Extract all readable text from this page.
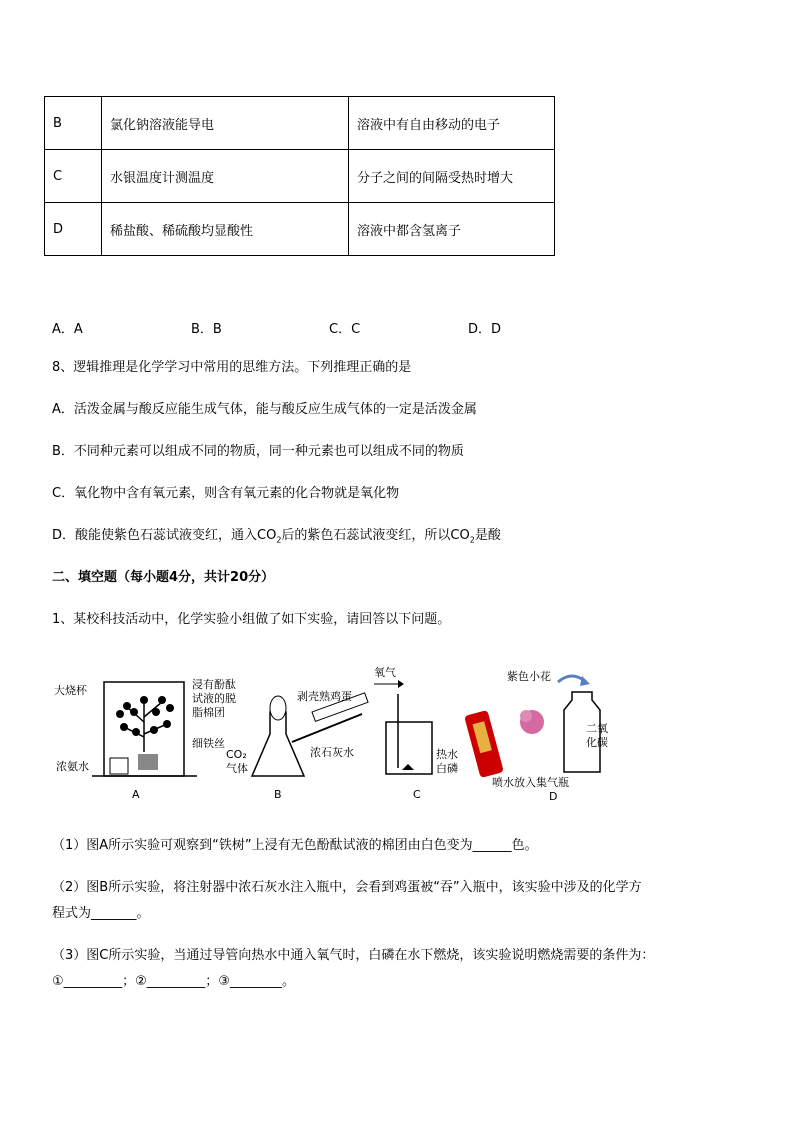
B	氯化钠溶液能导电	溶液中有自由移动的电子
C	水银温度计测温度	分子之间的间隔受热时增大
D	稀盐酸、稀硫酸均显酸性	溶液中都含氢离子
A．A	B．B	C．C	D．D
8、逻辑推理是化学学习中常用的思维方法。下列推理正确的是
A．活泼金属与酸反应能生成气体，能与酸反应生成气体的一定是活泼金属
B．不同种元素可以组成不同的物质，同一种元素也可以组成不同的物质
C．氧化物中含有氧元素，则含有氧元素的化合物就是氧化物
D．酸能使紫色石蕊试液变红，通入$CO_2$后的紫色石蕊试液变红，所以$CO_2$是酸
二、填空题（每小题4分，共计20分）
1、某校科技活动中，化学实验小组做了如下实验，请回答以下问题。
大烧杯	浸有酚酞
试液的脱
脂棉团
细铁丝
浓氨水
A
剥壳熟鸡蛋
浓石灰水
CO₂
气体
B
氧气
热水
白磷
C
紫色小花
二氧
化碳
喷水放入集气瓶
D
（1）图A所示实验可观察到“铁树”上浸有无色酚酞试液的棉团由白色变为______色。
（2）图B所示实验，将注射器中浓石灰水注入瓶中，会看到鸡蛋被“吞”入瓶中，该实验中涉及的化学方
程式为_______。
（3）图C所示实验，当通过导管向热水中通入氧气时，白磷在水下燃烧，该实验说明燃烧需要的条件为：
①_________；②_________；③________。
